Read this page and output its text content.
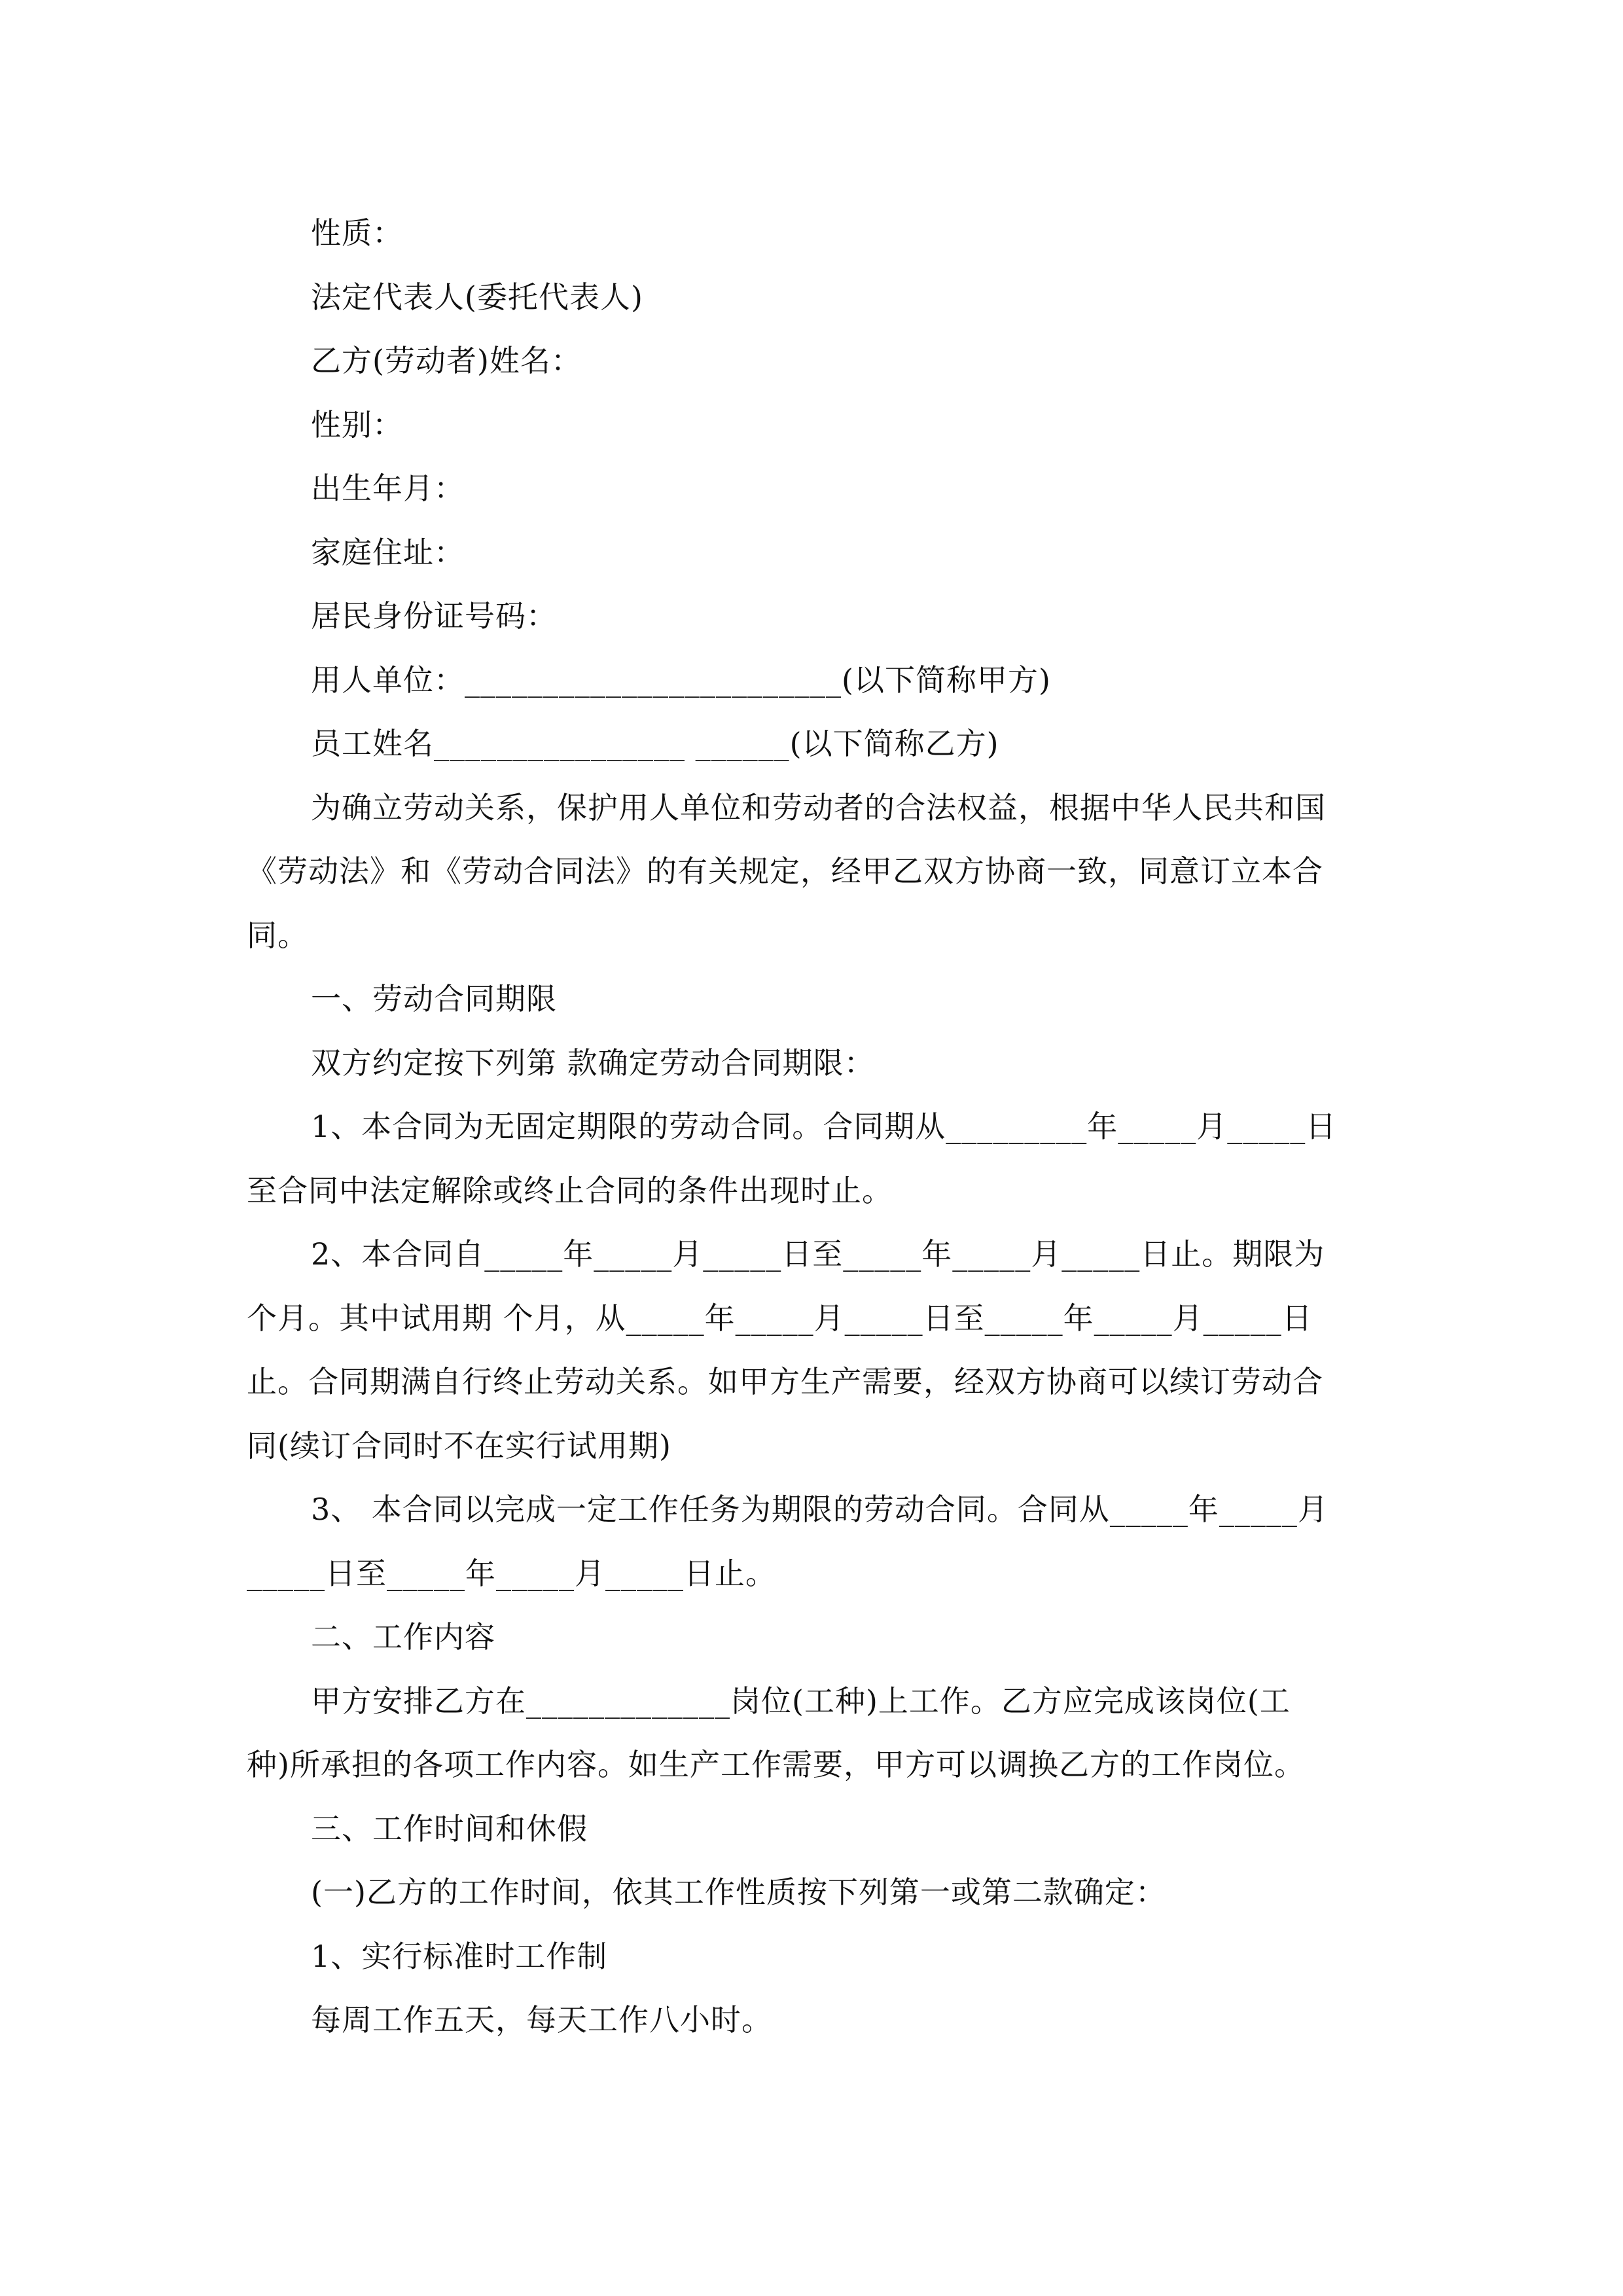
性质：
法定代表人(委托代表人)
乙方(劳动者)姓名：
性别：
出生年月：
家庭住址：
居民身份证号码：
用人单位：________________________(以下简称甲方)
员工姓名________________ ______(以下简称乙方)
为确立劳动关系，保护用人单位和劳动者的合法权益，根据中华人民共和国
《劳动法》和《劳动合同法》的有关规定，经甲乙双方协商一致，同意订立本合
同。
一、劳动合同期限
双方约定按下列第 款确定劳动合同期限：
1、本合同为无固定期限的劳动合同。合同期从_________年_____月_____日
至合同中法定解除或终止合同的条件出现时止。
2、本合同自_____年_____月_____日至_____年_____月_____日止。期限为
个月。其中试用期 个月，从_____年_____月_____日至_____年_____月_____日
止。合同期满自行终止劳动关系。如甲方生产需要，经双方协商可以续订劳动合
同(续订合同时不在实行试用期)
3、 本合同以完成一定工作任务为期限的劳动合同。合同从_____年_____月
_____日至_____年_____月_____日止。
二、工作内容
甲方安排乙方在_____________岗位(工种)上工作。乙方应完成该岗位(工
种)所承担的各项工作内容。如生产工作需要，甲方可以调换乙方的工作岗位。
三、工作时间和休假
(一)乙方的工作时间，依其工作性质按下列第一或第二款确定：
1、实行标准时工作制
每周工作五天，每天工作八小时。
